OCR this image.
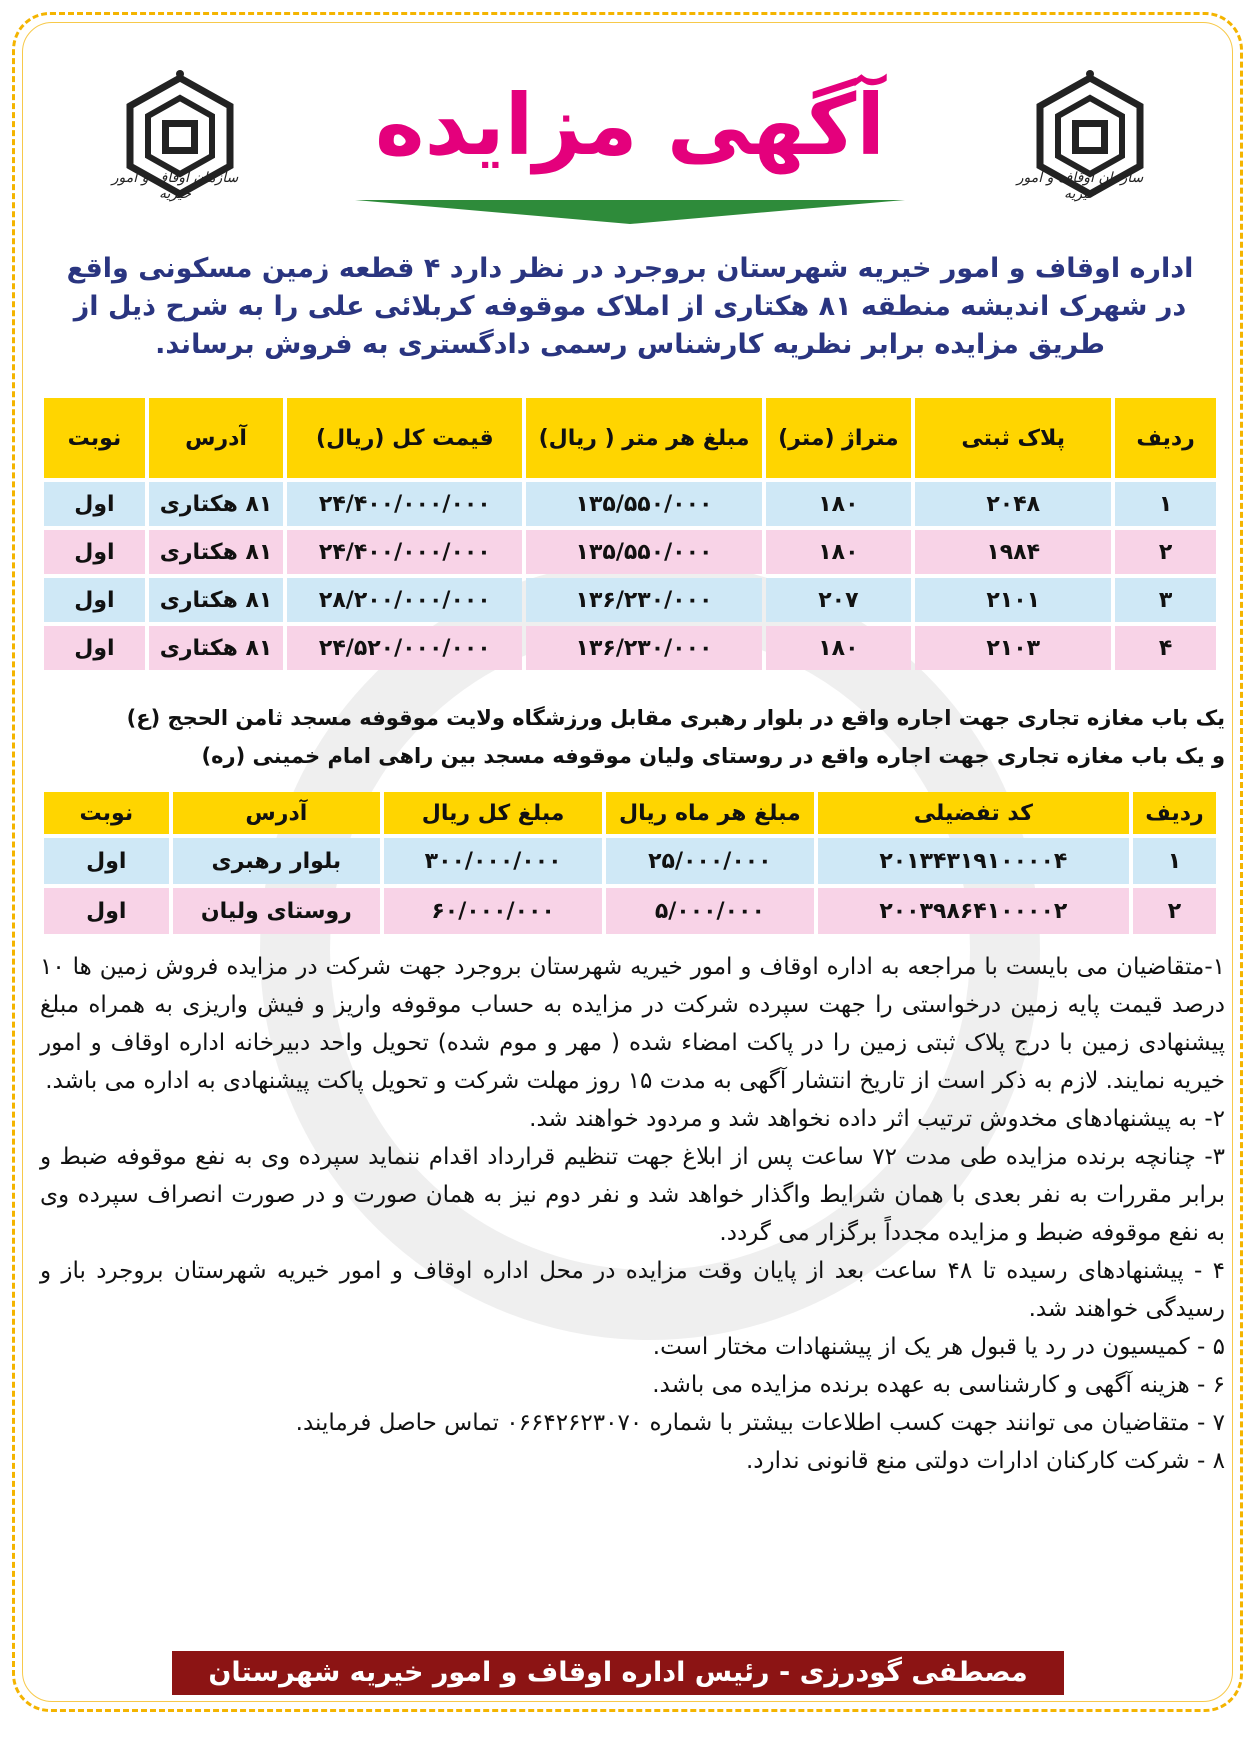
سازمان اوقاف و امور خیریه
سازمان اوقاف و امور خیریه
آگهی مزایده
اداره اوقاف و امور خیریه شهرستان بروجرد در نظر دارد ۴ قطعه زمین مسکونی واقع در شهرک اندیشه منطقه ۸۱ هکتاری از املاک موقوفه کربلائی علی را به شرح ذیل از طریق مزایده برابر نظریه کارشناس رسمی دادگستری به فروش برساند.
ردیف	پلاک ثبتی	متراژ (متر)	مبلغ هر متر ( ریال)	قیمت کل (ریال)	آدرس	نوبت
۱	۲۰۴۸	۱۸۰	۱۳۵/۵۵۰/۰۰۰	۲۴/۴۰۰/۰۰۰/۰۰۰	۸۱ هکتاری	اول
۲	۱۹۸۴	۱۸۰	۱۳۵/۵۵۰/۰۰۰	۲۴/۴۰۰/۰۰۰/۰۰۰	۸۱ هکتاری	اول
۳	۲۱۰۱	۲۰۷	۱۳۶/۲۳۰/۰۰۰	۲۸/۲۰۰/۰۰۰/۰۰۰	۸۱ هکتاری	اول
۴	۲۱۰۳	۱۸۰	۱۳۶/۲۳۰/۰۰۰	۲۴/۵۲۰/۰۰۰/۰۰۰	۸۱ هکتاری	اول
یک باب مغازه تجاری جهت اجاره واقع در بلوار رهبری مقابل ورزشگاه ولایت موقوفه مسجد ثامن الحجج (ع)
و یک باب مغازه تجاری جهت اجاره واقع در روستای ولیان موقوفه مسجد بین راهی امام خمینی (ره)
ردیف	کد تفضیلی	مبلغ هر ماه ریال	مبلغ کل ریال	آدرس	نوبت
۱	۲۰۱۳۴۳۱۹۱۰۰۰۰۴	۲۵/۰۰۰/۰۰۰	۳۰۰/۰۰۰/۰۰۰	بلوار رهبری	اول
۲	۲۰۰۳۹۸۶۴۱۰۰۰۰۲	۵/۰۰۰/۰۰۰	۶۰/۰۰۰/۰۰۰	روستای ولیان	اول

۱-متقاضیان می بایست با مراجعه به اداره اوقاف و امور خیریه شهرستان بروجرد جهت شرکت در مزایده فروش زمین ها ۱۰ درصد قیمت پایه زمین درخواستی را جهت سپرده شرکت در مزایده به حساب موقوفه واریز و فیش واریزی به همراه مبلغ پیشنهادی زمین با درج پلاک ثبتی زمین را در پاکت امضاء شده ( مهر و موم شده) تحویل واحد دبیرخانه اداره اوقاف و امور خیریه نمایند. لازم به ذکر است از تاریخ انتشار آگهی به مدت ۱۵ روز مهلت شرکت و تحویل پاکت پیشنهادی به اداره می باشد.

۲- به پیشنهادهای مخدوش ترتیب اثر داده نخواهد شد و مردود خواهند شد.

۳- چنانچه برنده مزایده طی مدت ۷۲ ساعت پس از ابلاغ جهت تنظیم قرارداد اقدام ننماید سپرده وی به نفع موقوفه ضبط و برابر مقررات به نفر بعدی با همان شرایط واگذار خواهد شد و نفر دوم نیز به همان صورت و در صورت انصراف سپرده وی به نفع موقوفه ضبط و مزایده مجدداً برگزار می گردد.

۴ - پیشنهادهای رسیده تا ۴۸ ساعت بعد از پایان وقت مزایده در محل اداره اوقاف و امور خیریه شهرستان بروجرد باز و رسیدگی خواهند شد.

۵ - کمیسیون در رد یا قبول هر یک از پیشنهادات مختار است.

۶ - هزینه آگهی و کارشناسی به عهده برنده مزایده می باشد.

۷ - متقاضیان می توانند جهت کسب اطلاعات بیشتر با شماره ۰۶۶۴۲۶۲۳۰۷۰ تماس حاصل فرمایند.

۸ - شرکت کارکنان ادارات دولتی منع قانونی ندارد.

مصطفی گودرزی - رئیس اداره اوقاف و امور خیریه شهرستان بروجرد
